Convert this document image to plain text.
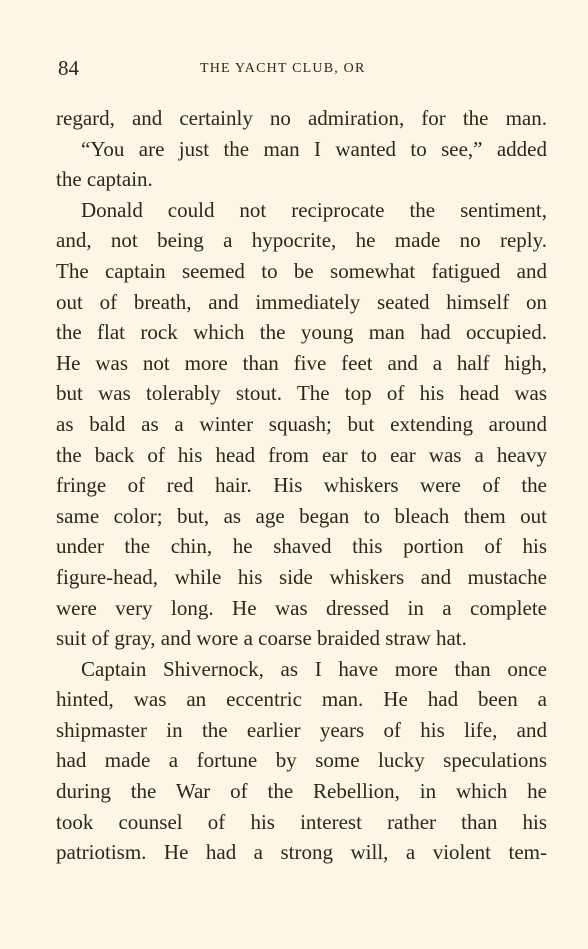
84	THE YACHT CLUB, OR
regard, and certainly no admiration, for the man.
“You are just the man I wanted to see,” added
the captain.
Donald could not reciprocate the sentiment,
and, not being a hypocrite, he made no reply.
The captain seemed to be somewhat fatigued and
out of breath, and immediately seated himself on
the flat rock which the young man had occupied.
He was not more than five feet and a half high,
but was tolerably stout. The top of his head was
as bald as a winter squash; but extending around
the back of his head from ear to ear was a heavy
fringe of red hair. His whiskers were of the
same color; but, as age began to bleach them out
under the chin, he shaved this portion of his
figure-head, while his side whiskers and mustache
were very long. He was dressed in a complete
suit of gray, and wore a coarse braided straw hat.
Captain Shivernock, as I have more than once
hinted, was an eccentric man. He had been a
shipmaster in the earlier years of his life, and
had made a fortune by some lucky speculations
during the War of the Rebellion, in which he
took counsel of his interest rather than his
patriotism. He had a strong will, a violent tem-
